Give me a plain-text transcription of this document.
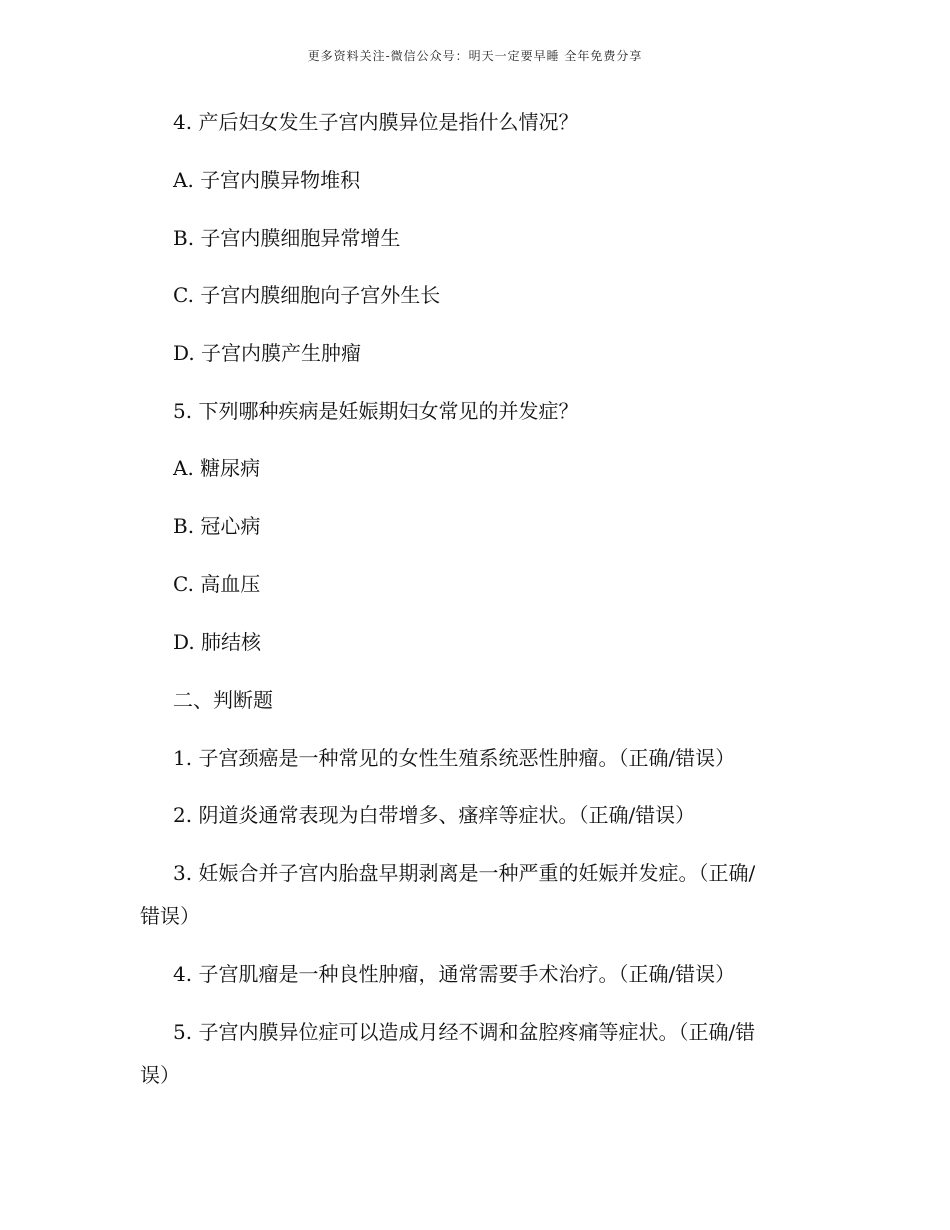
更多资料关注-微信公众号：明天一定要早睡 全年免费分享
4. 产后妇女发生子宫内膜异位是指什么情况？
A. 子宫内膜异物堆积
B. 子宫内膜细胞异常增生
C. 子宫内膜细胞向子宫外生长
D. 子宫内膜产生肿瘤
5. 下列哪种疾病是妊娠期妇女常见的并发症？
A. 糖尿病
B. 冠心病
C. 高血压
D. 肺结核
二、判断题
1. 子宫颈癌是一种常见的女性生殖系统恶性肿瘤。（正确/错误）
2. 阴道炎通常表现为白带增多、瘙痒等症状。（正确/错误）
3. 妊娠合并子宫内胎盘早期剥离是一种严重的妊娠并发症。（正确/
错误）
4. 子宫肌瘤是一种良性肿瘤，通常需要手术治疗。（正确/错误）
5. 子宫内膜异位症可以造成月经不调和盆腔疼痛等症状。（正确/错
误）
